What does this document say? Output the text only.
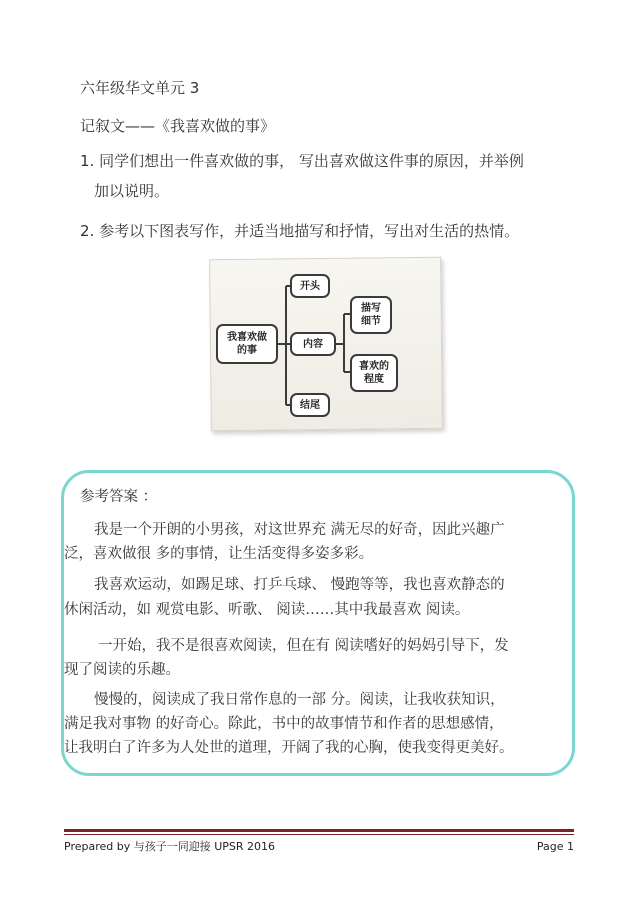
六年级华文单元 3
记叙文——《我喜欢做的事》
1. 同学们想出一件喜欢做的事， 写出喜欢做这件事的原因，并举例
加以说明。
2. 参考以下图表写作，并适当地描写和抒情，写出对生活的热情。
我喜欢做
的事
开头
内容
结尾
描写
细节
喜欢的
程度
参考答案 ：
我是一个开朗的小男孩，对这世界充 满无尽的好奇，因此兴趣广
泛，喜欢做很 多的事情，让生活变得多姿多彩。
我喜欢运动，如踢足球、打乒乓球、 慢跑等等，我也喜欢静态的
休闲活动，如 观赏电影、听歌、 阅读……其中我最喜欢 阅读。
一开始，我不是很喜欢阅读，但在有 阅读嗜好的妈妈引导下，发
现了阅读的乐趣。
慢慢的，阅读成了我日常作息的一部 分。阅读，让我收获知识，
满足我对事物 的好奇心。除此，书中的故事情节和作者的思想感情，
让我明白了许多为人处世的道理，开阔了我的心胸，使我变得更美好。
Prepared by 与孩子一同迎接 UPSR 2016	Page 1
